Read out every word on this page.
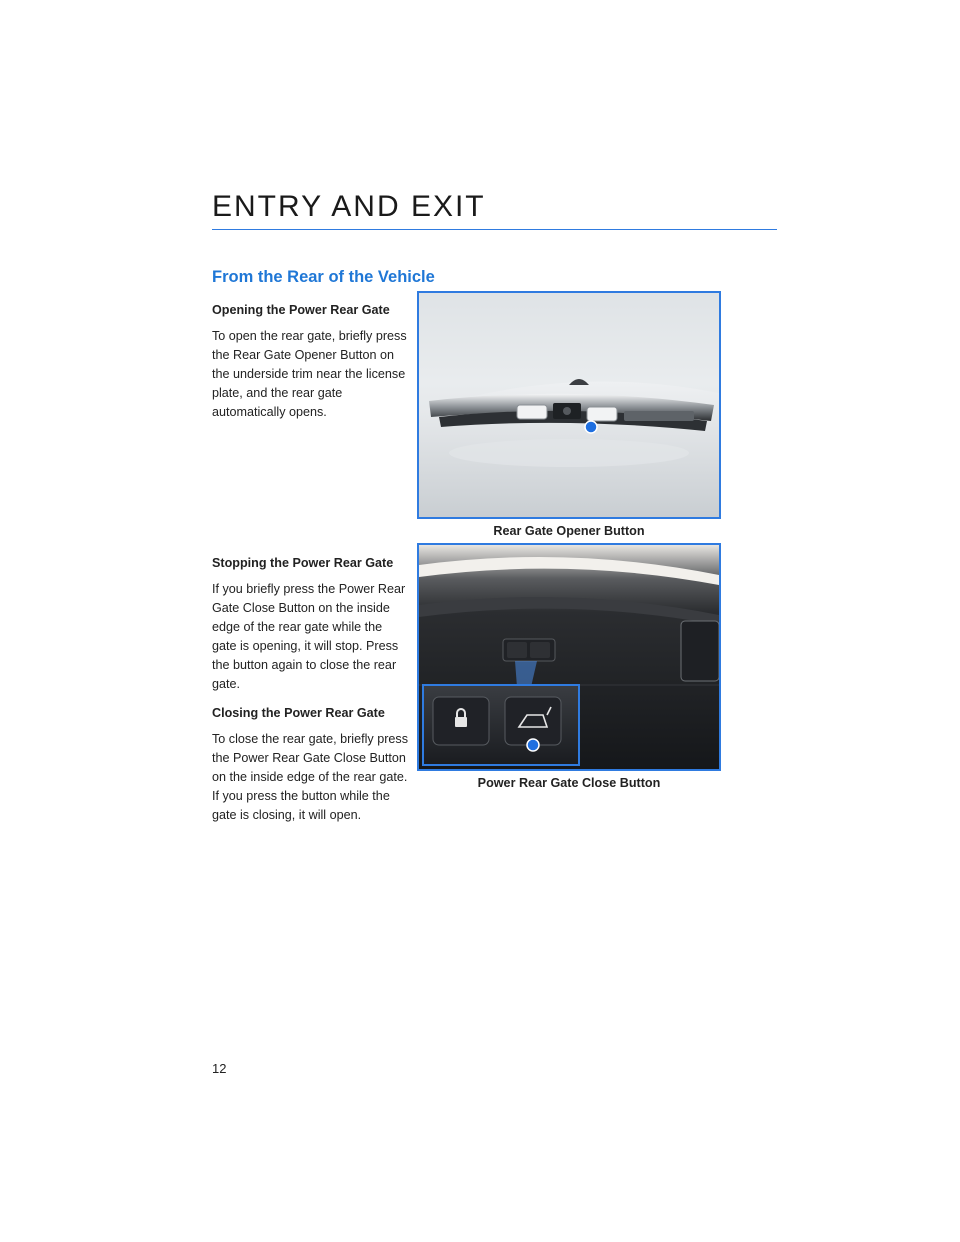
ENTRY AND EXIT
From the Rear of the Vehicle
Opening the Power Rear Gate

To open the rear gate, briefly press the Rear Gate Opener Button on the underside trim near the license plate, and the rear gate automatically opens.

Stopping the Power Rear Gate

If you briefly press the Power Rear Gate Close Button on the inside edge of the rear gate while the gate is opening, it will stop. Press the button again to close the rear gate.

Closing the Power Rear Gate

To close the rear gate, briefly press the Power Rear Gate Close Button on the inside edge of the rear gate. If you press the button while the gate is closing, it will open.

Rear Gate Opener Button
Power Rear Gate Close Button
12
